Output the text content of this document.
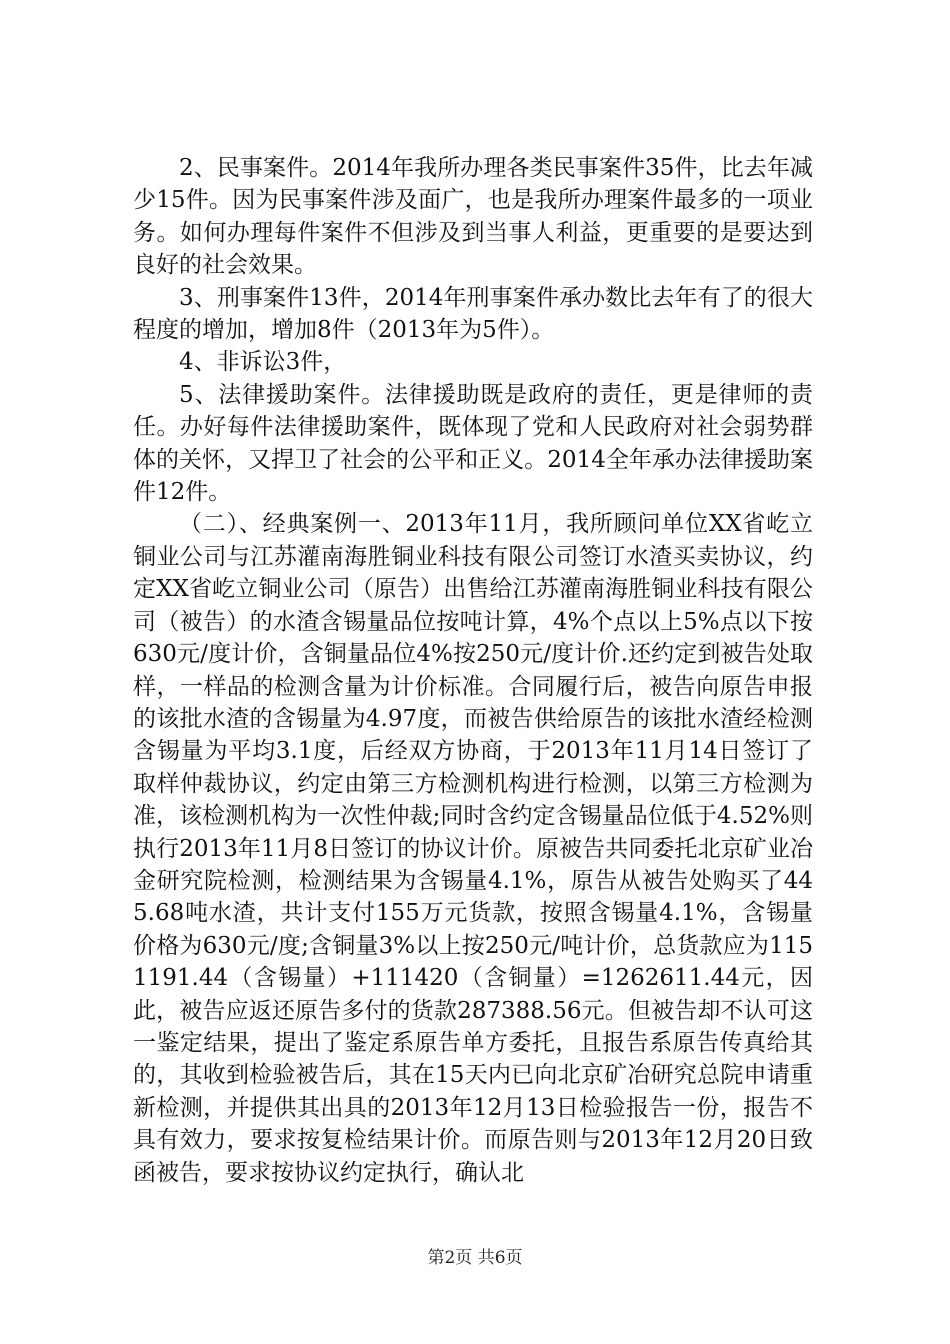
2、民事案件。2014年我所办理各类民事案件35件，比去年减少15件。因为民事案件涉及面广，也是我所办理案件最多的一项业务。如何办理每件案件不但涉及到当事人利益，更重要的是要达到良好的社会效果。

3、刑事案件13件，2014年刑事案件承办数比去年有了的很大程度的增加，增加8件（2013年为5件）。

4、非诉讼3件，

5、法律援助案件。法律援助既是政府的责任，更是律师的责任。办好每件法律援助案件，既体现了党和人民政府对社会弱势群体的关怀，又捍卫了社会的公平和正义。2014全年承办法律援助案件12件。

（二）、经典案例一、2013年11月，我所顾问单位XX省屹立铜业公司与江苏灌南海胜铜业科技有限公司签订水渣买卖协议，约定XX省屹立铜业公司（原告）出售给江苏灌南海胜铜业科技有限公司（被告）的水渣含锡量品位按吨计算，4%个点以上5%点以下按630元/度计价，含铜量品位4%按250元/度计价.还约定到被告处取样，一样品的检测含量为计价标准。合同履行后，被告向原告申报的该批水渣的含锡量为4.97度，而被告供给原告的该批水渣经检测含锡量为平均3.1度，后经双方协商，于2013年11月14日签订了取样仲裁协议，约定由第三方检测机构进行检测，以第三方检测为准，该检测机构为一次性仲裁;同时含约定含锡量品位低于4.52%则执行2013年11月8日签订的协议计价。原被告共同委托北京矿业冶金研究院检测，检测结果为含锡量4.1%，原告从被告处购买了445.68吨水渣，共计支付155万元货款，按照含锡量4.1%，含锡量价格为630元/度;含铜量3%以上按250元/吨计价，总货款应为1151191.44（含锡量）+111420（含铜量）=1262611.44元，因此，被告应返还原告多付的货款287388.56元。但被告却不认可这一鉴定结果，提出了鉴定系原告单方委托，且报告系原告传真给其的，其收到检验被告后，其在15天内已向北京矿冶研究总院申请重新检测，并提供其出具的2013年12月13日检验报告一份，报告不具有效力，要求按复检结果计价。而原告则与2013年12月20日致函被告，要求按协议约定执行，确认北

第2页 共6页
